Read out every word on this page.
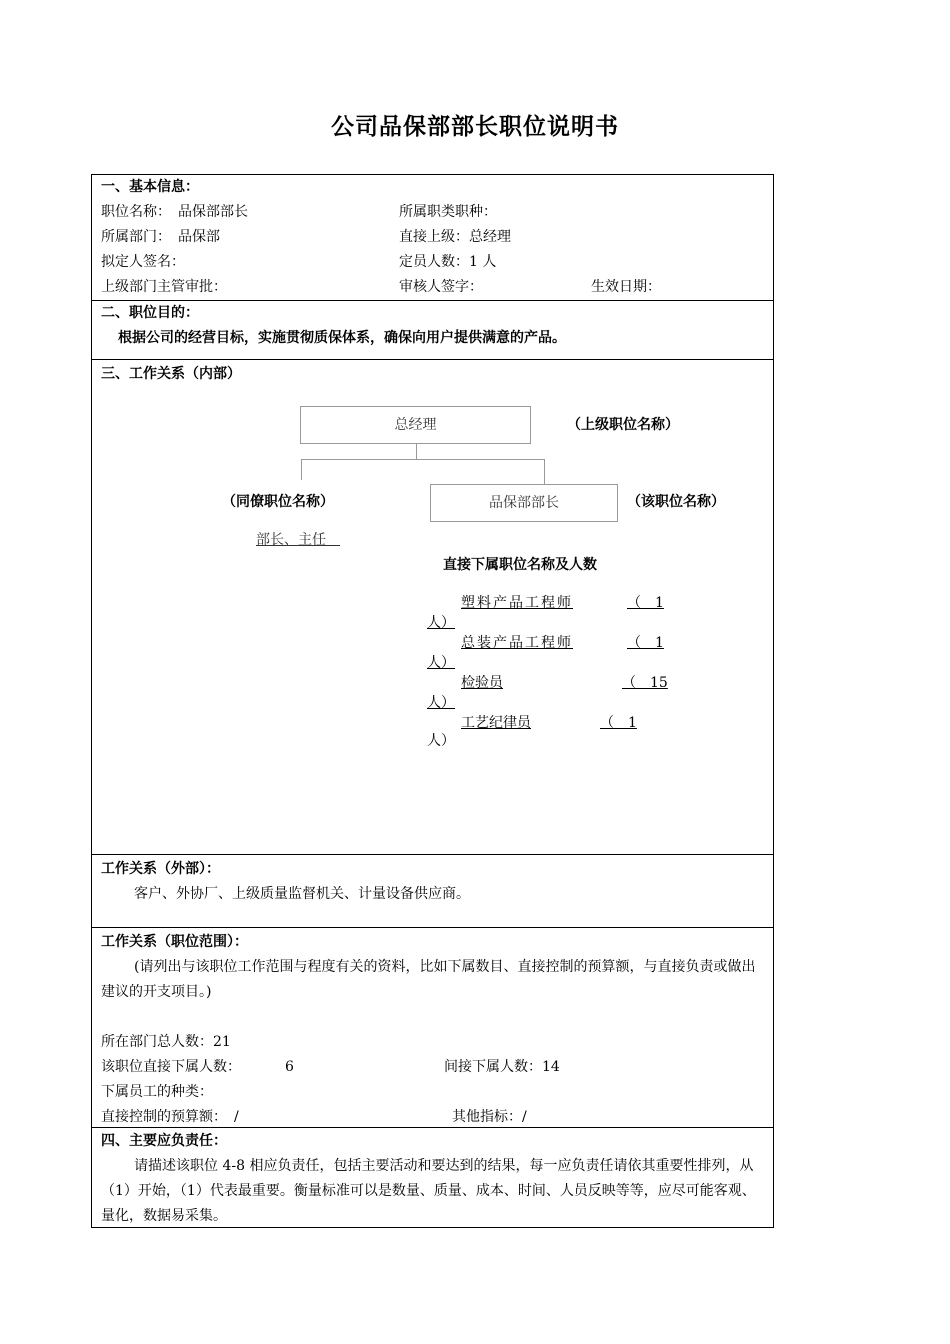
公司品保部部长职位说明书
一、基本信息：
职位名称：　品保部部长	所属职类职种：
所属部门：　品保部	直接上级：总经理
拟定人签名：	定员人数：1 人
上级部门主管审批：	审核人签字：	生效日期：
二、职位目的：
根据公司的经营目标，实施贯彻质保体系，确保向用户提供满意的产品。
三、工作关系（内部）
总经理	（上级职位名称）
（同僚职位名称）	品保部部长	（该职位名称）
部长、主任　
直接下属职位名称及人数
塑料产品工程师	（　1
人）
总装产品工程师	（　1
人）
检验员	（　15
人）
工艺纪律员	（　1
人）
工作关系（外部）：
客户、外协厂、上级质量监督机关、计量设备供应商。
工作关系（职位范围）：
(请列出与该职位工作范围与程度有关的资料，比如下属数目、直接控制的预算额，与直接负责或做出建议的开支项目。)
所在部门总人数：21
该职位直接下属人数：	6	间接下属人数：14
下属员工的种类：
直接控制的预算额：　/	其他指标：/
四、主要应负责任：
请描述该职位 4-8 相应负责任，包括主要活动和要达到的结果，每一应负责任请依其重要性排列，从（1）开始，（1）代表最重要。衡量标准可以是数量、质量、成本、时间、人员反映等等，应尽可能客观、量化，数据易采集。
